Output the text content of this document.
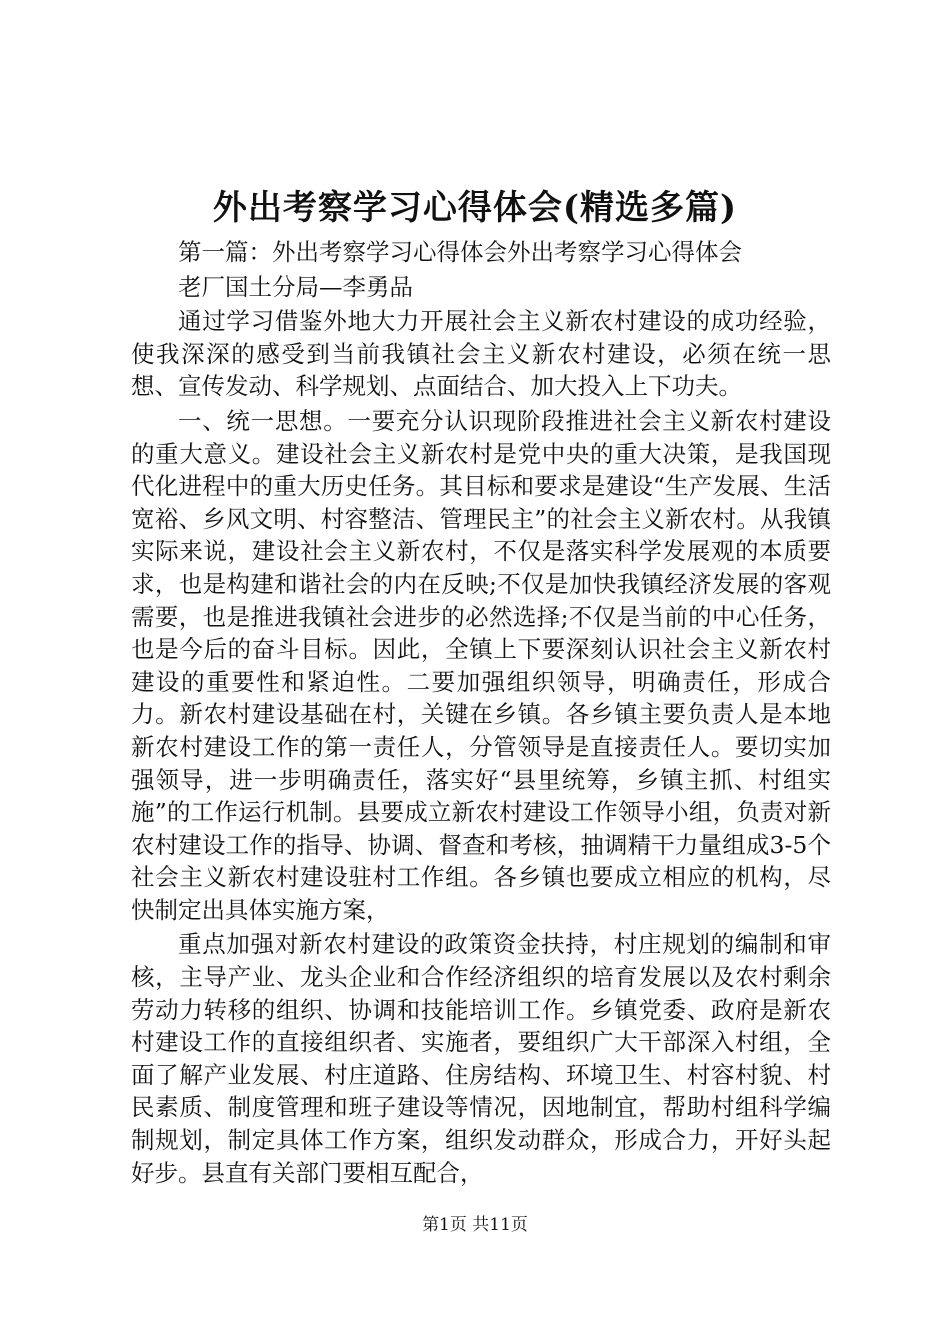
外出考察学习心得体会(精选多篇)

第一篇：外出考察学习心得体会外出考察学习心得体会

老厂国土分局—李勇品

通过学习借鉴外地大力开展社会主义新农村建设的成功经验，使我深深的感受到当前我镇社会主义新农村建设，必须在统一思想、宣传发动、科学规划、点面结合、加大投入上下功夫。

一、统一思想。一要充分认识现阶段推进社会主义新农村建设的重大意义。建设社会主义新农村是党中央的重大决策，是我国现代化进程中的重大历史任务。其目标和要求是建设“生产发展、生活宽裕、乡风文明、村容整洁、管理民主”的社会主义新农村。从我镇实际来说，建设社会主义新农村，不仅是落实科学发展观的本质要求，也是构建和谐社会的内在反映;不仅是加快我镇经济发展的客观需要，也是推进我镇社会进步的必然选择;不仅是当前的中心任务，也是今后的奋斗目标。因此，全镇上下要深刻认识社会主义新农村建设的重要性和紧迫性。二要加强组织领导，明确责任，形成合力。新农村建设基础在村，关键在乡镇。各乡镇主要负责人是本地新农村建设工作的第一责任人，分管领导是直接责任人。要切实加强领导，进一步明确责任，落实好“县里统筹，乡镇主抓、村组实施”的工作运行机制。县要成立新农村建设工作领导小组，负责对新农村建设工作的指导、协调、督查和考核，抽调精干力量组成3-5个社会主义新农村建设驻村工作组。各乡镇也要成立相应的机构，尽快制定出具体实施方案，

重点加强对新农村建设的政策资金扶持，村庄规划的编制和审核，主导产业、龙头企业和合作经济组织的培育发展以及农村剩余劳动力转移的组织、协调和技能培训工作。乡镇党委、政府是新农村建设工作的直接组织者、实施者，要组织广大干部深入村组，全面了解产业发展、村庄道路、住房结构、环境卫生、村容村貌、村民素质、制度管理和班子建设等情况，因地制宜，帮助村组科学编制规划，制定具体工作方案，组织发动群众，形成合力，开好头起好步。县直有关部门要相互配合，

第1页 共11页
